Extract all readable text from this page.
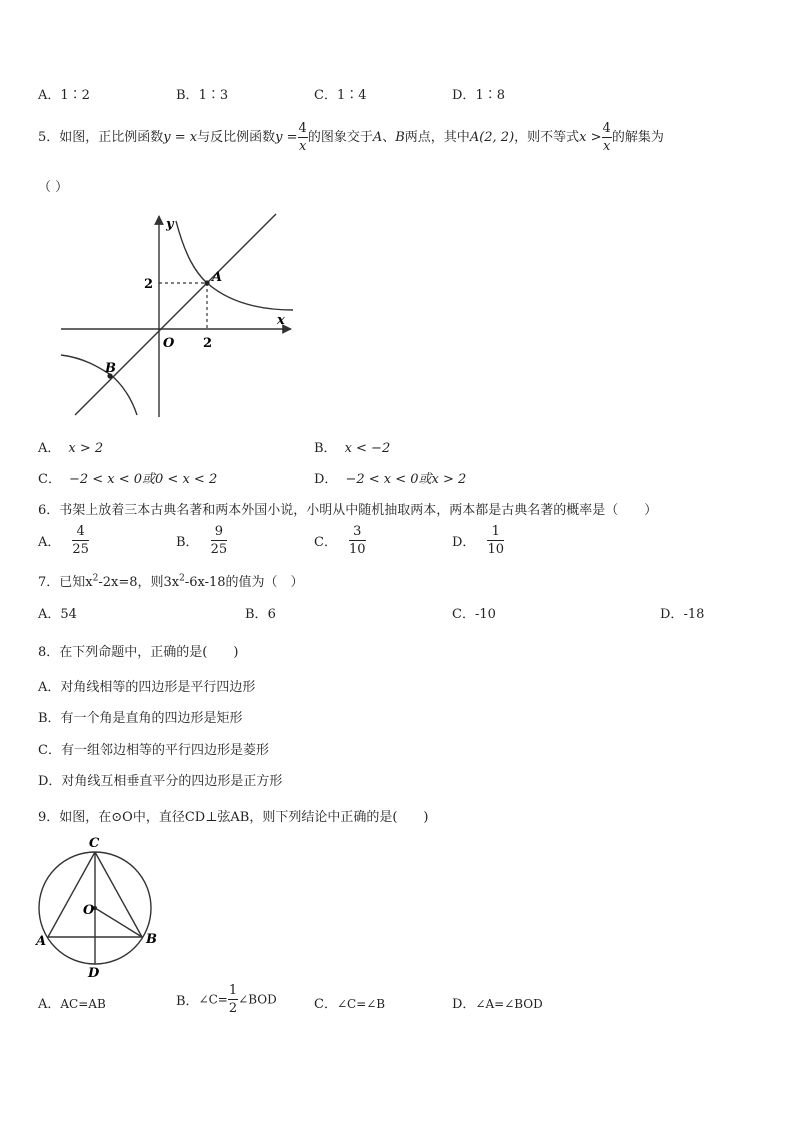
A．1∶2	B．1∶3	C．1∶4	D．1∶8
5．如图，正比例函数y = x与反比例函数$y = \frac{4}{x}$ 的图象交于A、B两点，其中A(2, 2)，则不等式$x > \frac{4}{x}$ 的解集为
（ ）
y
x
O
2
2
A
B
A． x > 2	B． x < −2
C． −2 < x < 0或0 < x < 2	D． −2 < x < 0或x > 2
6．书架上放着三本古典名著和两本外国小说，小明从中随机抽取两本，两本都是古典名著的概率是（　　）
A． $\frac{4}{25}$	B． $\frac{9}{25}$	C． $\frac{3}{10}$	D． $\frac{1}{10}$
7．已知$x^2-2x=8$，则$3x^2-6x-18$的值为（　）
A．54	B．6	C．-10	D．-18
8．在下列命题中，正确的是(　　)
A．对角线相等的四边形是平行四边形
B．有一个角是直角的四边形是矩形
C．有一组邻边相等的平行四边形是菱形
D．对角线互相垂直平分的四边形是正方形
9．如图，在⊙O中，直径CD⊥弦AB，则下列结论中正确的是(　　)
C
O
A	B
D
A．AC=AB	B．∠C= $\frac{1}{2}$ ∠BOD	C．∠C=∠B	D．∠A=∠BOD
